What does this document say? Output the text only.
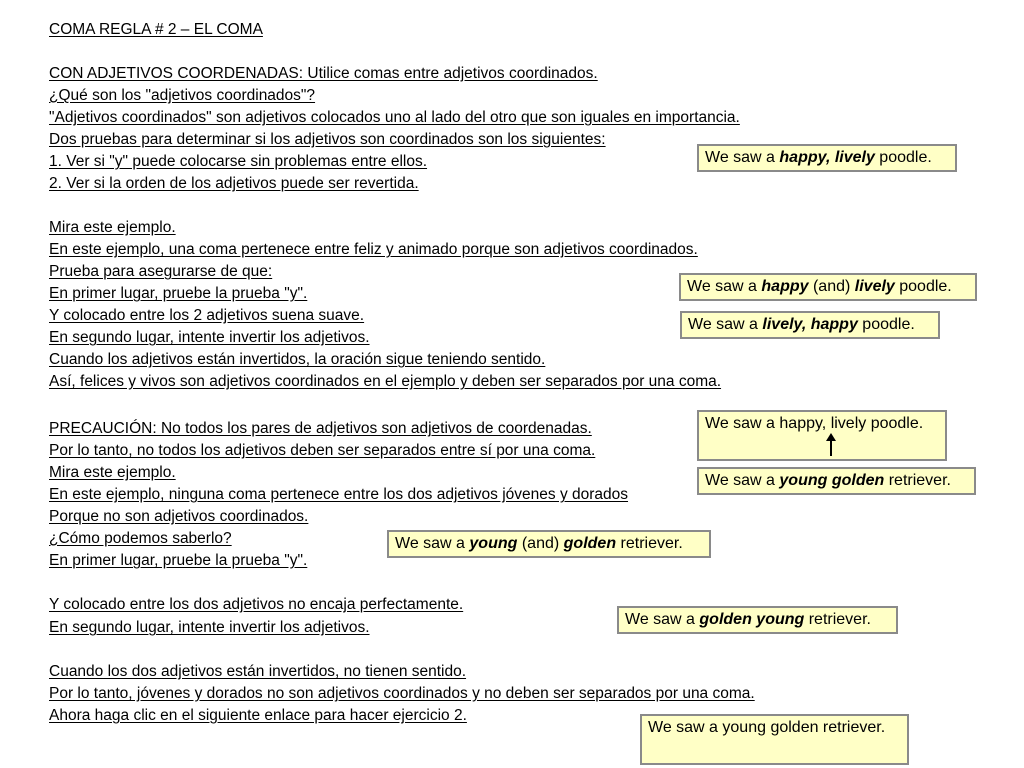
COMA REGLA # 2 – EL COMA
CON ADJETIVOS COORDENADAS: Utilice comas entre adjetivos coordinados.
¿Qué son los "adjetivos coordinados"?
"Adjetivos coordinados" son adjetivos colocados uno al lado del otro que son iguales en importancia.
Dos pruebas para determinar si los adjetivos son coordinados son los siguientes:
1. Ver si "y" puede colocarse sin problemas entre ellos.
2. Ver si la orden de los adjetivos puede ser revertida.
Mira este ejemplo.
En este ejemplo, una coma pertenece entre feliz y animado porque son adjetivos coordinados.
Prueba para asegurarse de que:
En primer lugar, pruebe la prueba "y".
Y colocado entre los 2 adjetivos suena suave.
En segundo lugar, intente invertir los adjetivos.
Cuando los adjetivos están invertidos, la oración sigue teniendo sentido.
Así, felices y vivos son adjetivos coordinados en el ejemplo y deben ser separados por una coma.
PRECAUCIÓN: No todos los pares de adjetivos son adjetivos de coordenadas.
Por lo tanto, no todos los adjetivos deben ser separados entre sí por una coma.
Mira este ejemplo.
En este ejemplo, ninguna coma pertenece entre los dos adjetivos jóvenes y dorados
Porque no son adjetivos coordinados.
¿Cómo podemos saberlo?
En primer lugar, pruebe la prueba "y".
Y colocado entre los dos adjetivos no encaja perfectamente.
En segundo lugar, intente invertir los adjetivos.
Cuando los dos adjetivos están invertidos, no tienen sentido.
Por lo tanto, jóvenes y dorados no son adjetivos coordinados y no deben ser separados por una coma.
Ahora haga clic en el siguiente enlace para hacer ejercicio 2.
We saw a happy, lively poodle.
We saw a happy (and) lively poodle.
We saw a lively, happy poodle.
We saw a happy, lively poodle.
We saw a young golden retriever.
We saw a young (and) golden retriever.
We saw a golden young retriever.
We saw a young golden retriever.
